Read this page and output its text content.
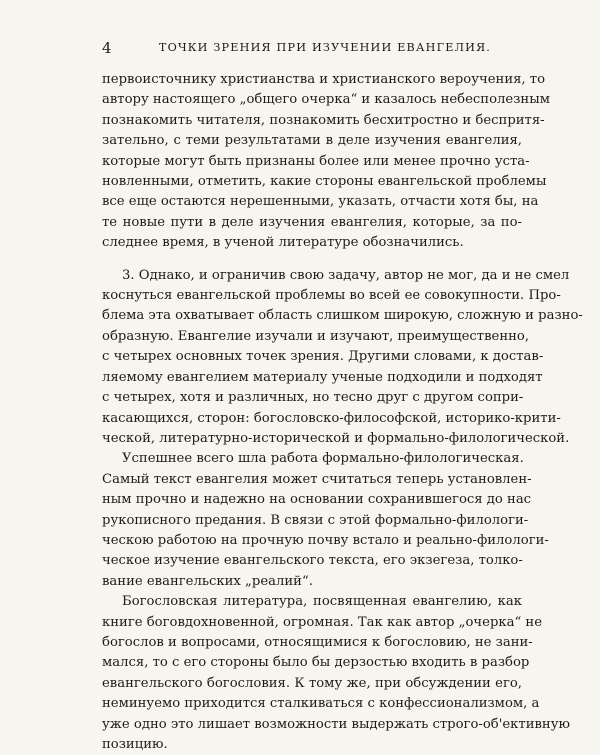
4	ТОЧКИ ЗРЕНИЯ ПРИ ИЗУЧЕНИИ ЕВАНГЕЛИЯ.

первоисточнику христианства и христианского вероучения, то
автору настоящего „общего очерка“ и казалось небесполезным
познакомить читателя, познакомить бесхитростно и беспритя-
зательно, с теми результатами в деле изучения евангелия,
которые могут быть признаны более или менее прочно уста-
новленными, отметить, какие стороны евангельской проблемы
все еще остаются нерешенными, указать, отчасти хотя бы, на
те новые пути в деле изучения евангелия, которые, за по-
следнее время, в ученой литературе обозначились.

3. Однако, и ограничив свою задачу, автор не мог, да и не смел
коснуться евангельской проблемы во всей ее совокупности. Про-
блема эта охватывает область слишком широкую, сложную и разно-
образную. Евангелие изучали и изучают, преимущественно,
с четырех основных точек зрения. Другими словами, к достав-
ляемому евангелием материалу ученые подходили и подходят
с четырех, хотя и различных, но тесно друг с другом сопри-
касающихся, сторон: богословско-философской, историко-крити-
ческой, литературно-исторической и формально-филологической.

Успешнее всего шла работа формально-филологическая.
Самый текст евангелия может считаться теперь установлен-
ным прочно и надежно на основании сохранившегося до нас
рукописного предания. В связи с этой формально-филологи-
ческою работою на прочную почву встало и реально-филологи-
ческое изучение евангельского текста, его экзегеза, толко-
вание евангельских „реалий“.

Богословская литература, посвященная евангелию, как
книге боговдохновенной, огромная. Так как автор „очерка“ не
богослов и вопросами, относящимися к богословию, не зани-
мался, то с его стороны было бы дерзостью входить в разбор
евангельского богословия. К тому же, при обсуждении его,
неминуемо приходится сталкиваться с конфессионализмом, а
уже одно это лишает возможности выдержать строго-об'ективную
позицию.
